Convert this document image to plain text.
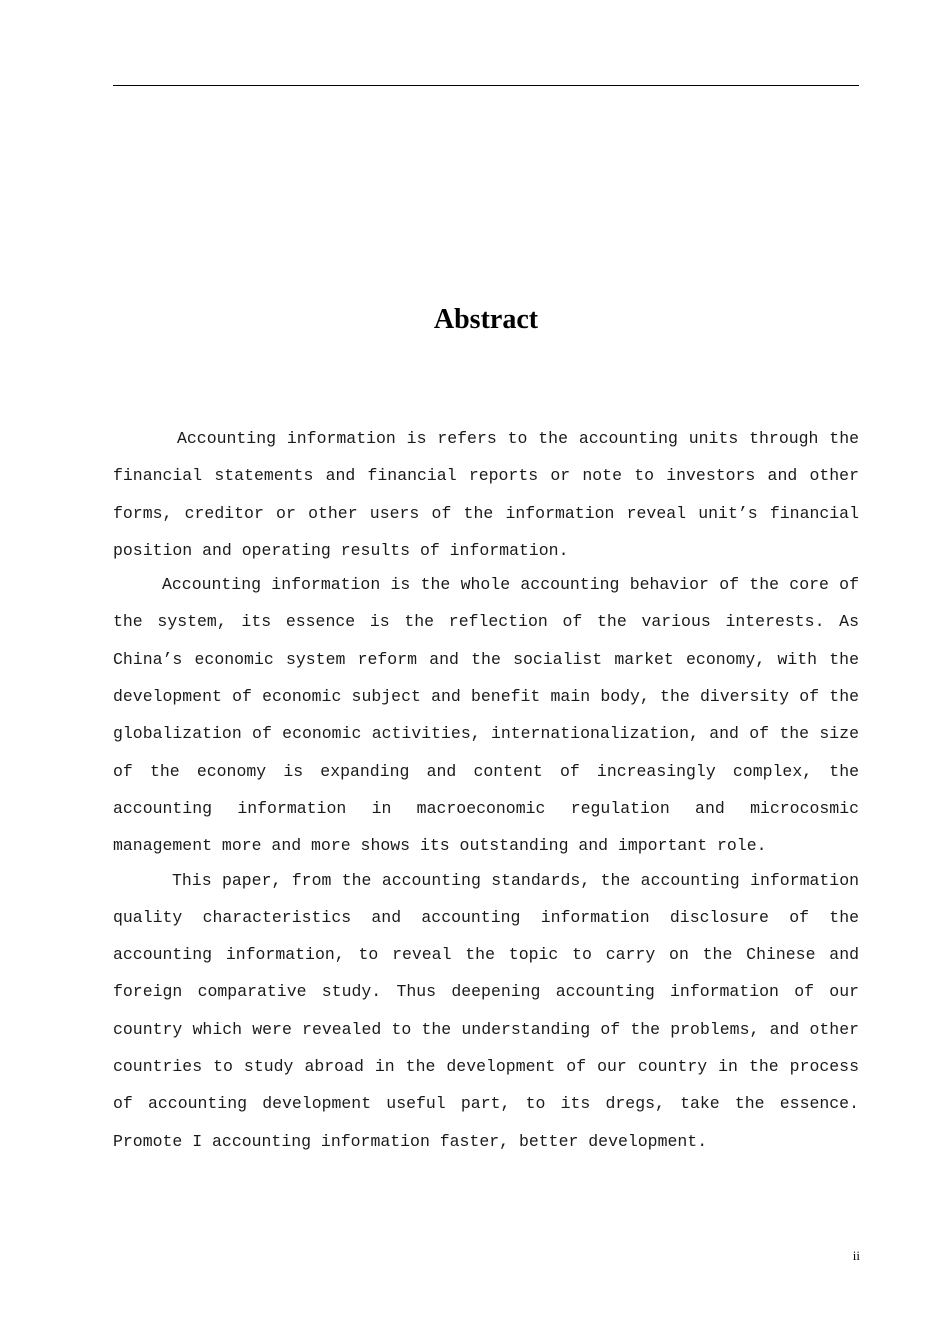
Abstract

Accounting information is refers to the accounting units through the financial statements and financial reports or note to investors and other forms, creditor or other users of the information reveal unit’s financial position and operating results of information.

Accounting information is the whole accounting behavior of the core of the system, its essence is the reflection of the various interests. As China’s economic system reform and the socialist market economy, with the development of economic subject and benefit main body, the diversity of the globalization of economic activities, internationalization, and of the size of the economy is expanding and content of increasingly complex, the accounting information in macroeconomic regulation and microcosmic management more and more shows its outstanding and important role.

This paper, from the accounting standards, the accounting information quality characteristics and accounting information disclosure of the accounting information, to reveal the topic to carry on the Chinese and foreign comparative study. Thus deepening accounting information of our country which were revealed to the understanding of the problems, and other countries to study abroad in the development of our country in the process of accounting development useful part, to its dregs, take the essence. Promote I accounting information faster, better development.

ii
